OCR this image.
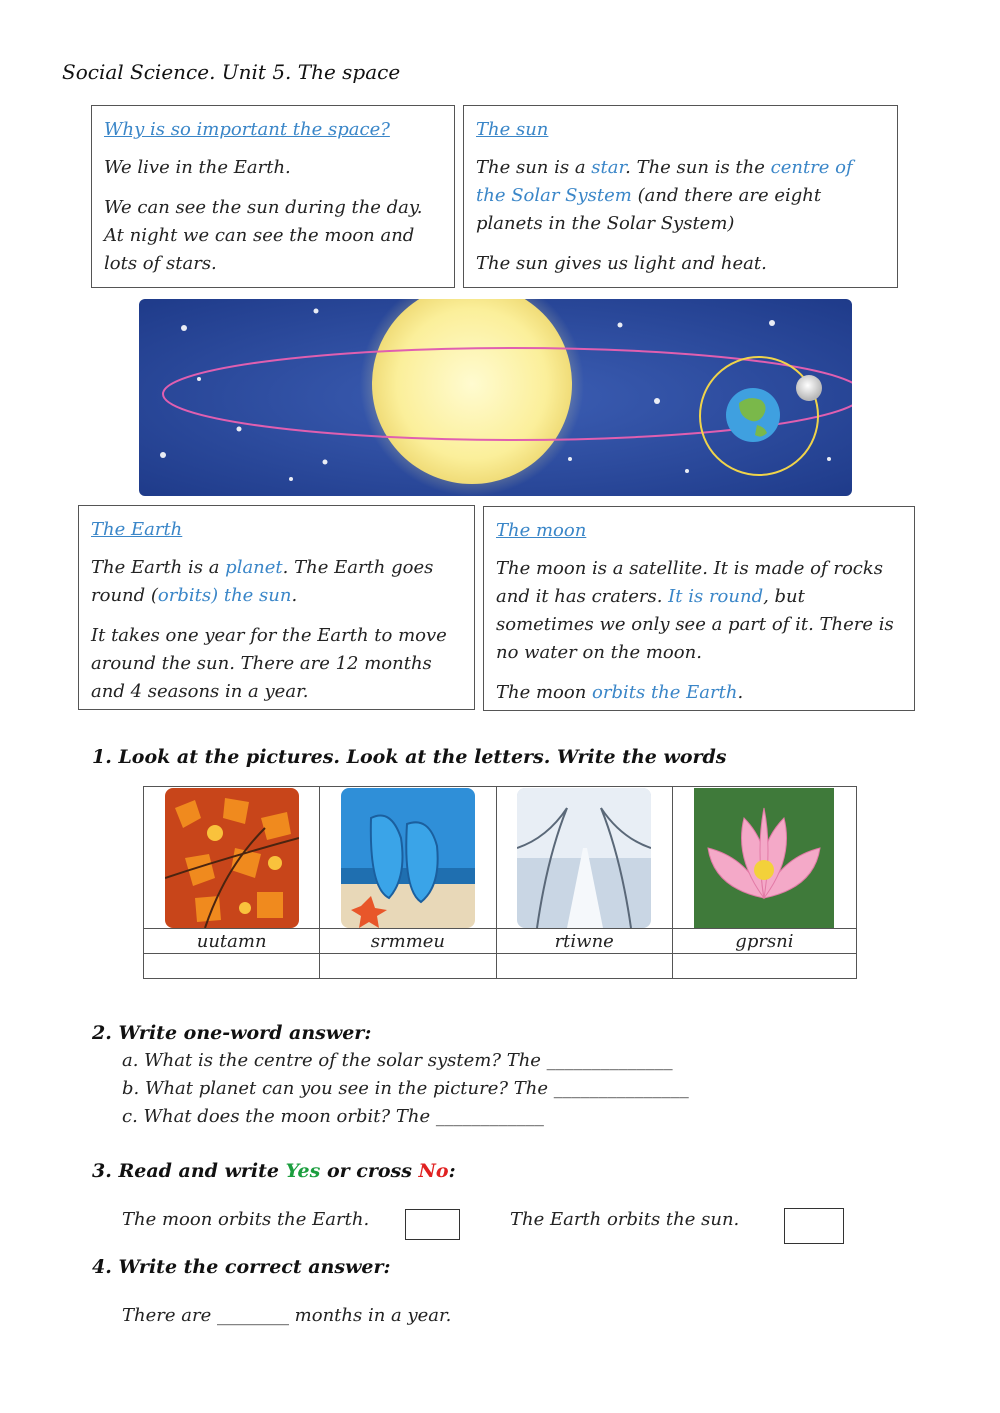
Social Science. Unit 5. The space
Why is so important the space?

We live in the Earth.

We can see the sun during the day. At night we can see the moon and lots of stars.

The sun

The sun is a star. The sun is the centre of the Solar System (and there are eight planets in the Solar System)

The sun gives us light and heat.

The Earth

The Earth is a planet. The Earth goes round (orbits) the sun.

It takes one year for the Earth to move around the sun. There are 12 months and 4 seasons in a year.

The moon

The moon is a satellite. It is made of rocks and it has craters. It is round, but sometimes we only see a part of it. There is no water on the moon.

The moon orbits the Earth.

1. Look at the pictures. Look at the letters. Write the words

uutamn	srmmeu	rtiwne	gprsni

2. Write one-word answer:
a. What is the centre of the solar system? The ______________
b. What planet can you see in the picture? The _______________
c. What does the moon orbit? The ____________
3. Read and write Yes or cross No:
The moon orbits the Earth.	The Earth orbits the sun.
4. Write the correct answer:
There are ________ months in a year.
